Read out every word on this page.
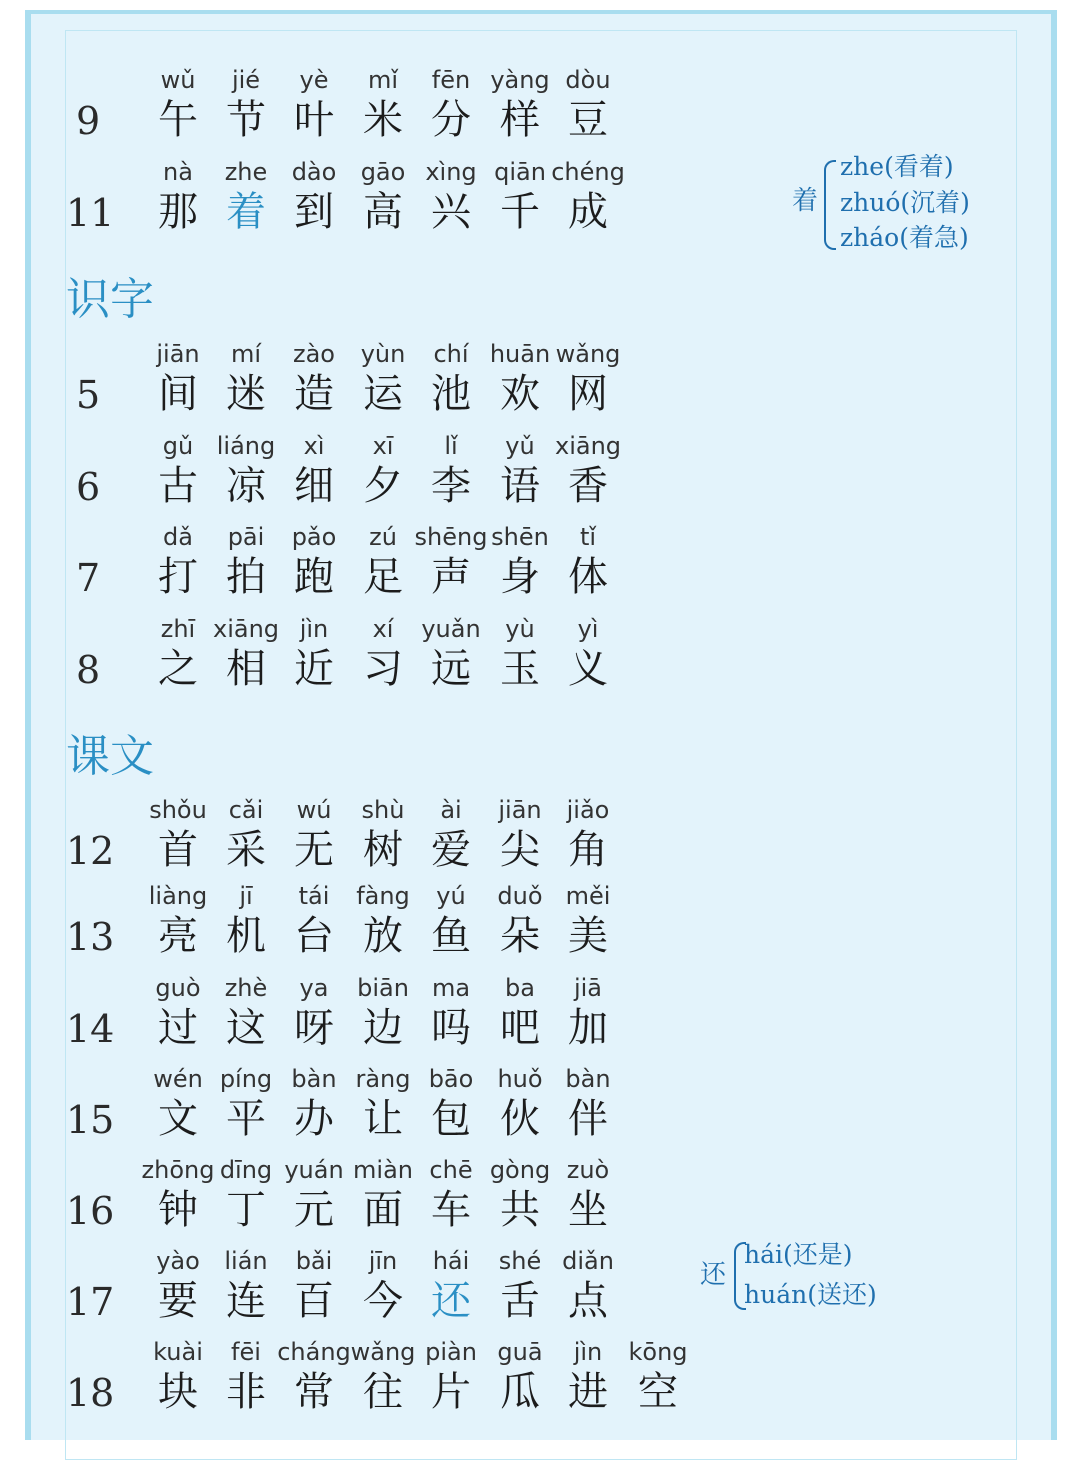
9
wǔ
午
jié
节
yè
叶
mǐ
米
fēn
分
yàng
样
dòu
豆
11
nà
那
zhe
着
dào
到
gāo
高
xìng
兴
qiān
千
chéng
成
识字
5
jiān
间
mí
迷
zào
造
yùn
运
chí
池
huān
欢
wǎng
网
6
gǔ
古
liáng
凉
xì
细
xī
夕
lǐ
李
yǔ
语
xiāng
香
7
dǎ
打
pāi
拍
pǎo
跑
zú
足
shēng
声
shēn
身
tǐ
体
8
zhī
之
xiāng
相
jìn
近
xí
习
yuǎn
远
yù
玉
yì
义
课文
12
shǒu
首
cǎi
采
wú
无
shù
树
ài
爱
jiān
尖
jiǎo
角
13
liàng
亮
jī
机
tái
台
fàng
放
yú
鱼
duǒ
朵
měi
美
14
guò
过
zhè
这
ya
呀
biān
边
ma
吗
ba
吧
jiā
加
15
wén
文
píng
平
bàn
办
ràng
让
bāo
包
huǒ
伙
bàn
伴
16
zhōng
钟
dīng
丁
yuán
元
miàn
面
chē
车
gòng
共
zuò
坐
17
yào
要
lián
连
bǎi
百
jīn
今
hái
还
shé
舌
diǎn
点
18
kuài
块
fēi
非
cháng
常
wǎng
往
piàn
片
guā
瓜
jìn
进
kōng
空
着
zhe(看着)
zhuó(沉着)
zháo(着急)
还
hái(还是)
huán(送还)
